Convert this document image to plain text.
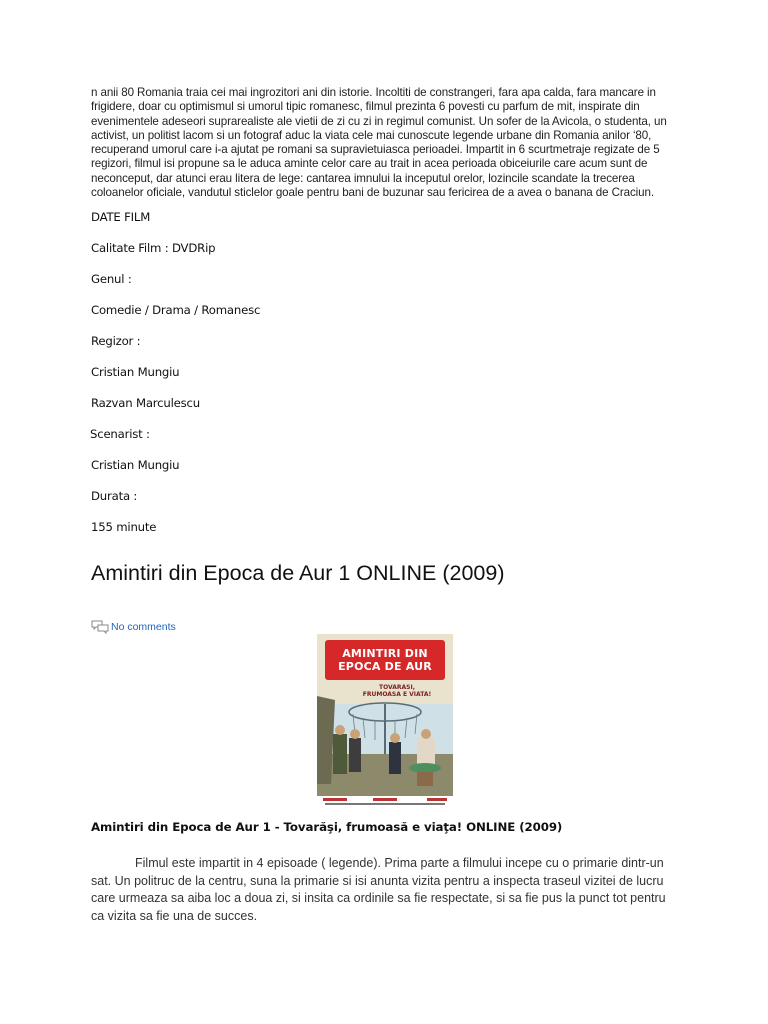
n anii 80 Romania traia cei mai ingrozitori ani din istorie. Incoltiti de constrangeri, fara apa calda, fara mancare in frigidere, doar cu optimismul si umorul tipic romanesc, filmul prezinta 6 povesti cu parfum de mit, inspirate din evenimentele adeseori suprarealiste ale vietii de zi cu zi in regimul comunist. Un sofer de la Avicola, o studenta, un activist, un politist lacom si un fotograf aduc la viata cele mai cunoscute legende urbane din Romania anilor ‘80, recuperand umorul care i-a ajutat pe romani sa supravietuiasca perioadei. Impartit in 6 scurtmetraje regizate de 5 regizori, filmul isi propune sa le aduca aminte celor care au trait in acea perioada obiceiurile care acum sunt de neconceput, dar atunci erau litera de lege: cantarea imnului la inceputul orelor, lozincile scandate la trecerea coloanelor oficiale, vandutul sticlelor goale pentru bani de buzunar sau fericirea de a avea o banana de Craciun.

DATE FILM

Calitate Film : DVDRip

Genul :

Comedie / Drama / Romanesc

Regizor :

Cristian Mungiu

Razvan Marculescu

Scenarist :

Cristian Mungiu

Durata :

155 minute

Amintiri din Epoca de Aur 1 ONLINE (2009)
No comments
AMINTIRI DIN
EPOCA DE AUR
TOVARASI,
FRUMOASA E VIATA!

Amintiri din Epoca de Aur 1 - Tovarăşi, frumoasă e viaţa! ONLINE (2009)

Filmul este impartit in 4 episoade ( legende). Prima parte a filmului incepe cu o primarie dintr-un sat. Un politruc de la centru, suna la primarie si isi anunta vizita pentru a inspecta traseul vizitei de lucru care urmeaza sa aiba loc a doua zi, si insita ca ordinile sa fie respectate, si sa fie pus la punct tot pentru ca vizita sa fie una de succes.
